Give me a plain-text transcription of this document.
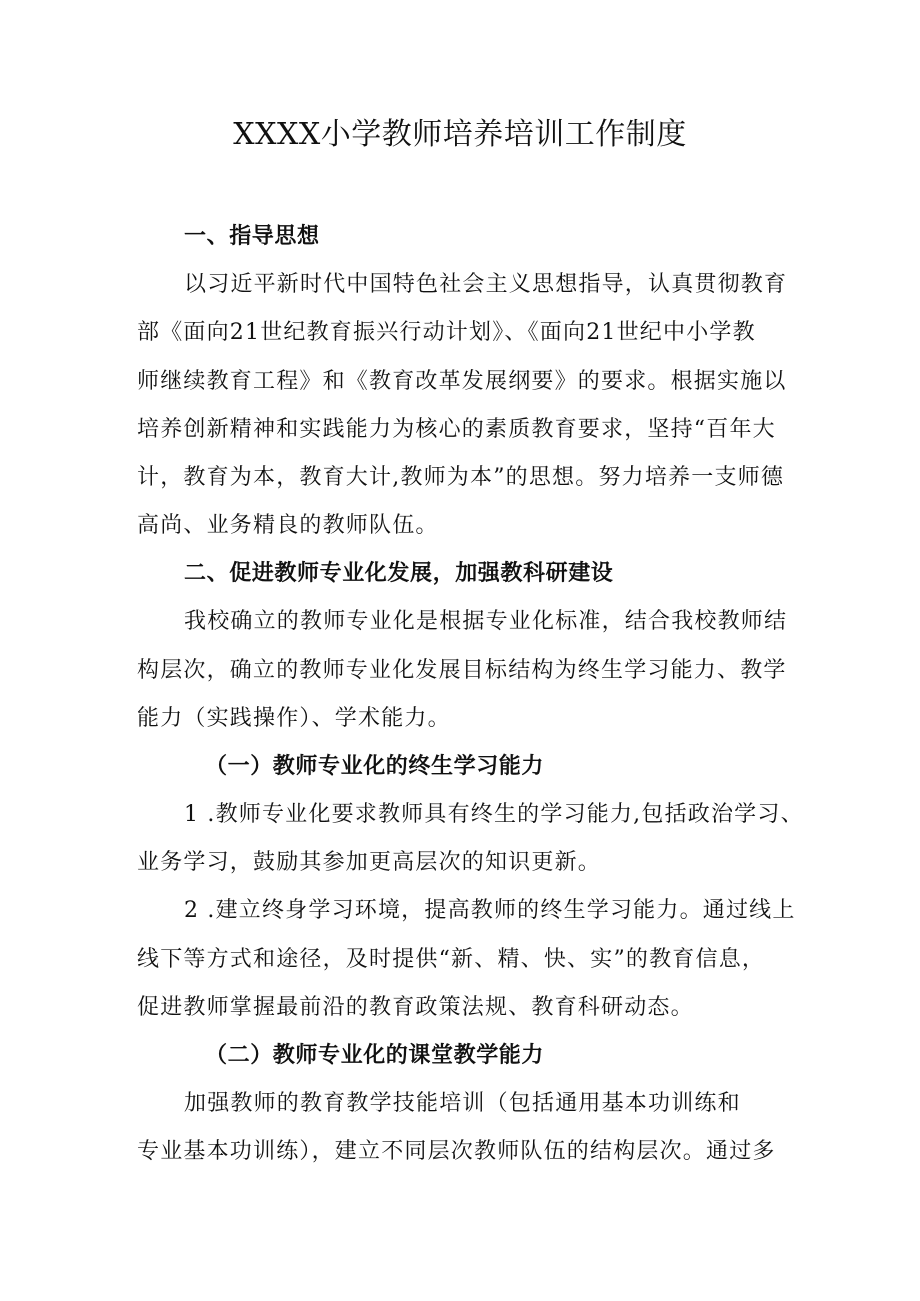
XXXX小学教师培养培训工作制度
一、指导思想
以习近平新时代中国特色社会主义思想指导，认真贯彻教育
部《面向21世纪教育振兴行动计划》、《面向21世纪中小学教
师继续教育工程》和《教育改革发展纲要》的要求。根据实施以
培养创新精神和实践能力为核心的素质教育要求，坚持“百年大
计，教育为本，教育大计,教师为本”的思想。努力培养一支师德
高尚、业务精良的教师队伍。
二、促进教师专业化发展，加强教科研建设
我校确立的教师专业化是根据专业化标准，结合我校教师结
构层次，确立的教师专业化发展目标结构为终生学习能力、教学
能力（实践操作）、学术能力。
（一）教师专业化的终生学习能力
1 .教师专业化要求教师具有终生的学习能力,包括政治学习、
业务学习，鼓励其参加更高层次的知识更新。
2 .建立终身学习环境，提高教师的终生学习能力。通过线上
线下等方式和途径，及时提供“新、精、快、实”的教育信息，
促进教师掌握最前沿的教育政策法规、教育科研动态。
（二）教师专业化的课堂教学能力
加强教师的教育教学技能培训（包括通用基本功训练和
专业基本功训练），建立不同层次教师队伍的结构层次。通过多
